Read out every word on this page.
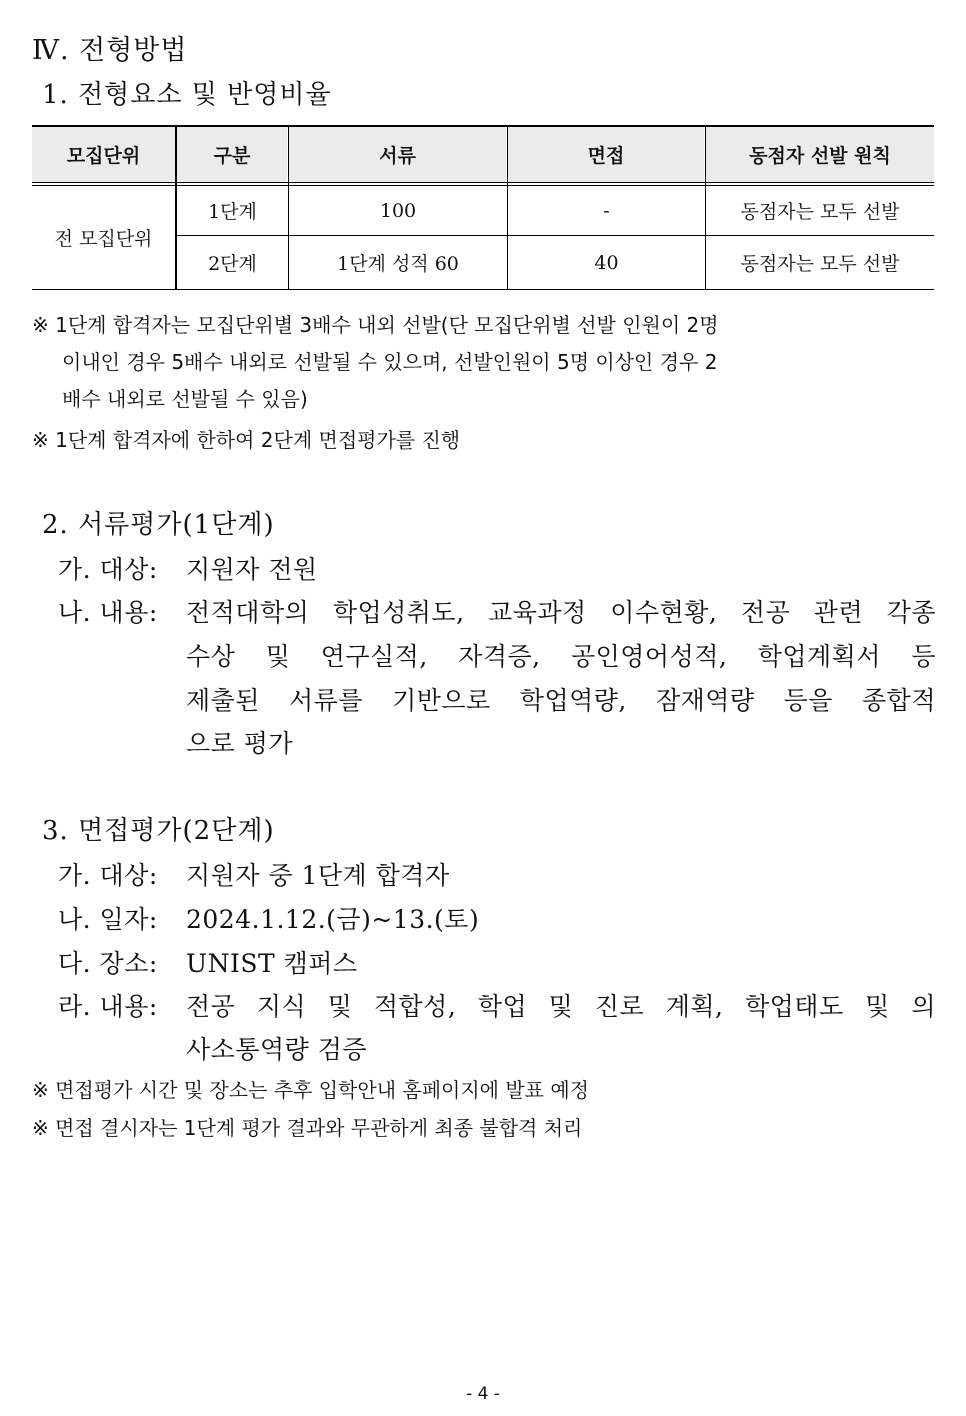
Ⅳ. 전형방법
1. 전형요소 및 반영비율
모집단위	구분	서류	면접	동점자 선발 원칙
전 모집단위
1단계	100	-	동점자는 모두 선발
2단계	1단계 성적 60	40	동점자는 모두 선발
※ 1단계 합격자는 모집단위별 3배수 내외 선발(단 모집단위별 선발 인원이 2명
이내인 경우 5배수 내외로 선발될 수 있으며, 선발인원이 5명 이상인 경우 2
배수 내외로 선발될 수 있음)
※ 1단계 합격자에 한하여 2단계 면접평가를 진행
2. 서류평가(1단계)
가. 대상: 지원자 전원
나. 내용: 전적대학의 학업성취도, 교육과정 이수현황, 전공 관련 각종
수상 및 연구실적, 자격증, 공인영어성적, 학업계획서 등
제출된 서류를 기반으로 학업역량, 잠재역량 등을 종합적
으로 평가
3. 면접평가(2단계)
가. 대상: 지원자 중 1단계 합격자
나. 일자: 2024.1.12.(금)~13.(토)
다. 장소: UNIST 캠퍼스
라. 내용: 전공 지식 및 적합성, 학업 및 진로 계획, 학업태도 및 의
사소통역량 검증
※ 면접평가 시간 및 장소는 추후 입학안내 홈페이지에 발표 예정
※ 면접 결시자는 1단계 평가 결과와 무관하게 최종 불합격 처리
- 4 -
